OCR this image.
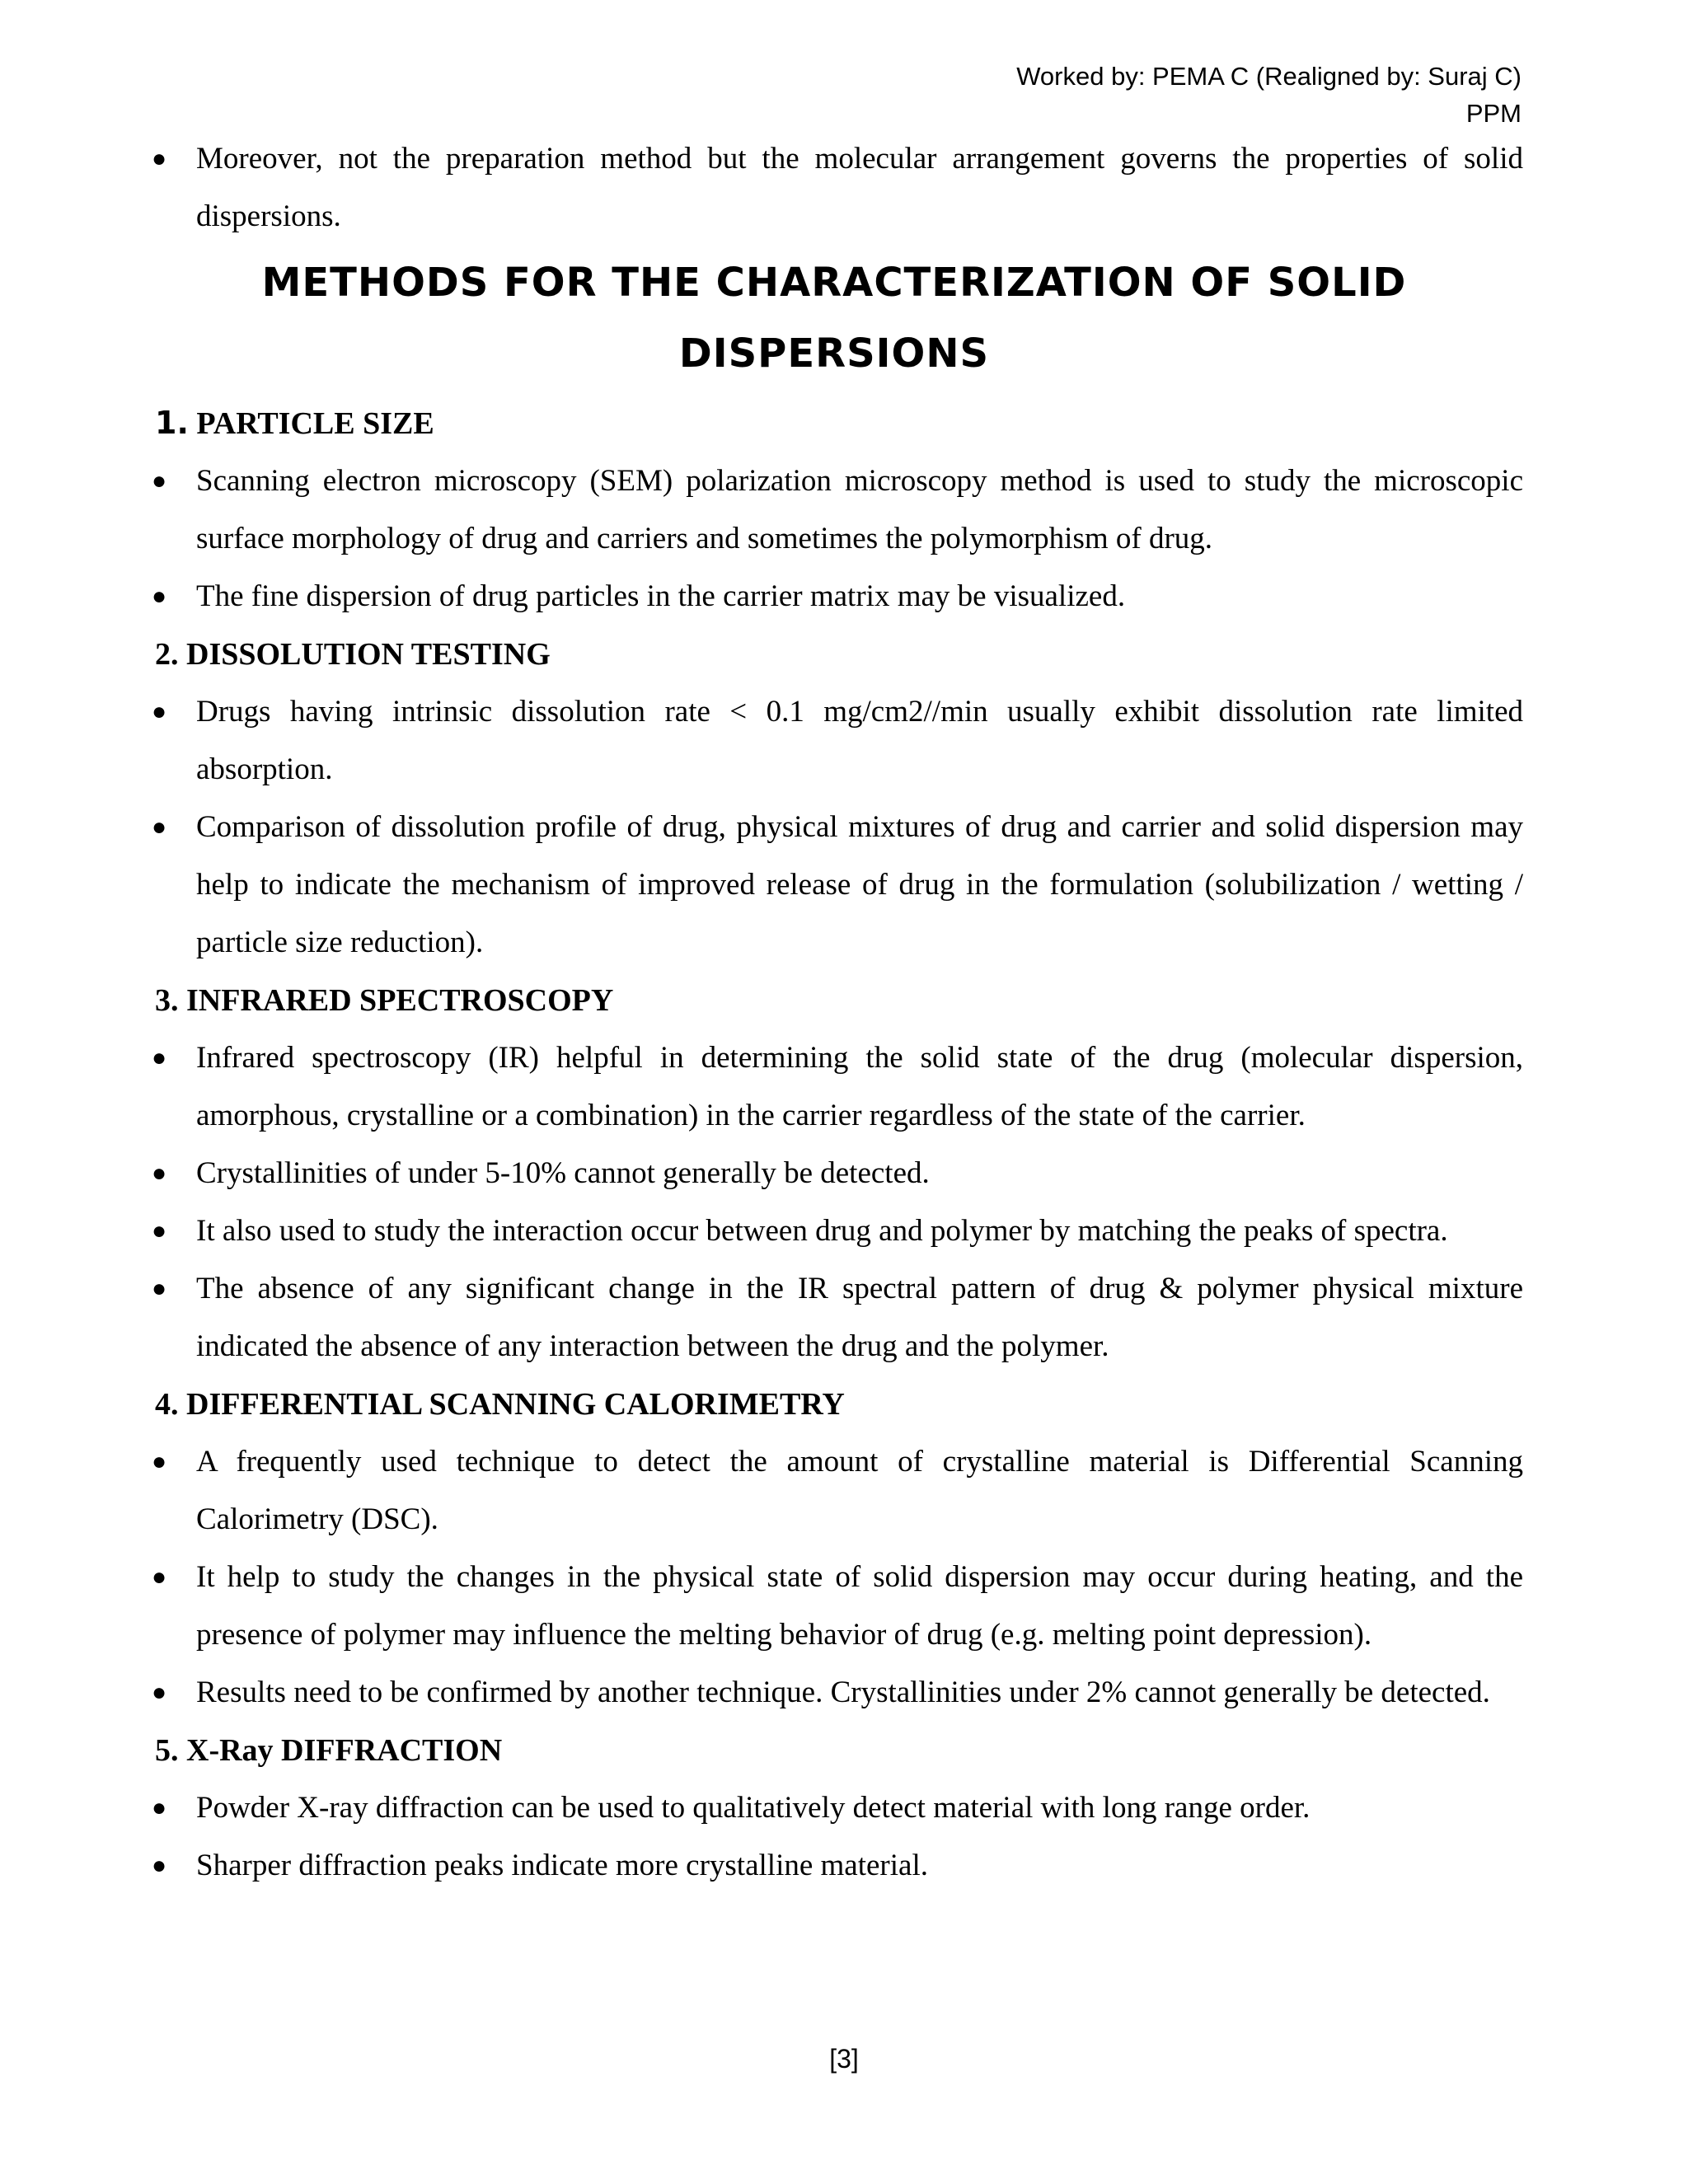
Worked by: PEMA C (Realigned by: Suraj C)
PPM
● Moreover, not the preparation method but the molecular arrangement governs the properties of solid dispersions.
METHODS FOR THE CHARACTERIZATION OF SOLID DISPERSIONS
1. PARTICLE SIZE
● Scanning electron microscopy (SEM) polarization microscopy method is used to study the microscopic surface morphology of drug and carriers and sometimes the polymorphism of drug.
● The fine dispersion of drug particles in the carrier matrix may be visualized.
2. DISSOLUTION TESTING
● Drugs having intrinsic dissolution rate < 0.1 mg/cm2//min usually exhibit dissolution rate limited absorption.
● Comparison of dissolution profile of drug, physical mixtures of drug and carrier and solid dispersion may help to indicate the mechanism of improved release of drug in the formulation (solubilization / wetting / particle size reduction).
3. INFRARED SPECTROSCOPY
● Infrared spectroscopy (IR) helpful in determining the solid state of the drug (molecular dispersion, amorphous, crystalline or a combination) in the carrier regardless of the state of the carrier.
● Crystallinities of under 5-10% cannot generally be detected.
● It also used to study the interaction occur between drug and polymer by matching the peaks of spectra.
● The absence of any significant change in the IR spectral pattern of drug & polymer physical mixture indicated the absence of any interaction between the drug and the polymer.
4. DIFFERENTIAL SCANNING CALORIMETRY
● A frequently used technique to detect the amount of crystalline material is Differential Scanning Calorimetry (DSC).
● It help to study the changes in the physical state of solid dispersion may occur during heating, and the presence of polymer may influence the melting behavior of drug (e.g. melting point depression).
● Results need to be confirmed by another technique. Crystallinities under 2% cannot generally be detected.
5. X-Ray DIFFRACTION
● Powder X-ray diffraction can be used to qualitatively detect material with long range order.
● Sharper diffraction peaks indicate more crystalline material.
[3]
